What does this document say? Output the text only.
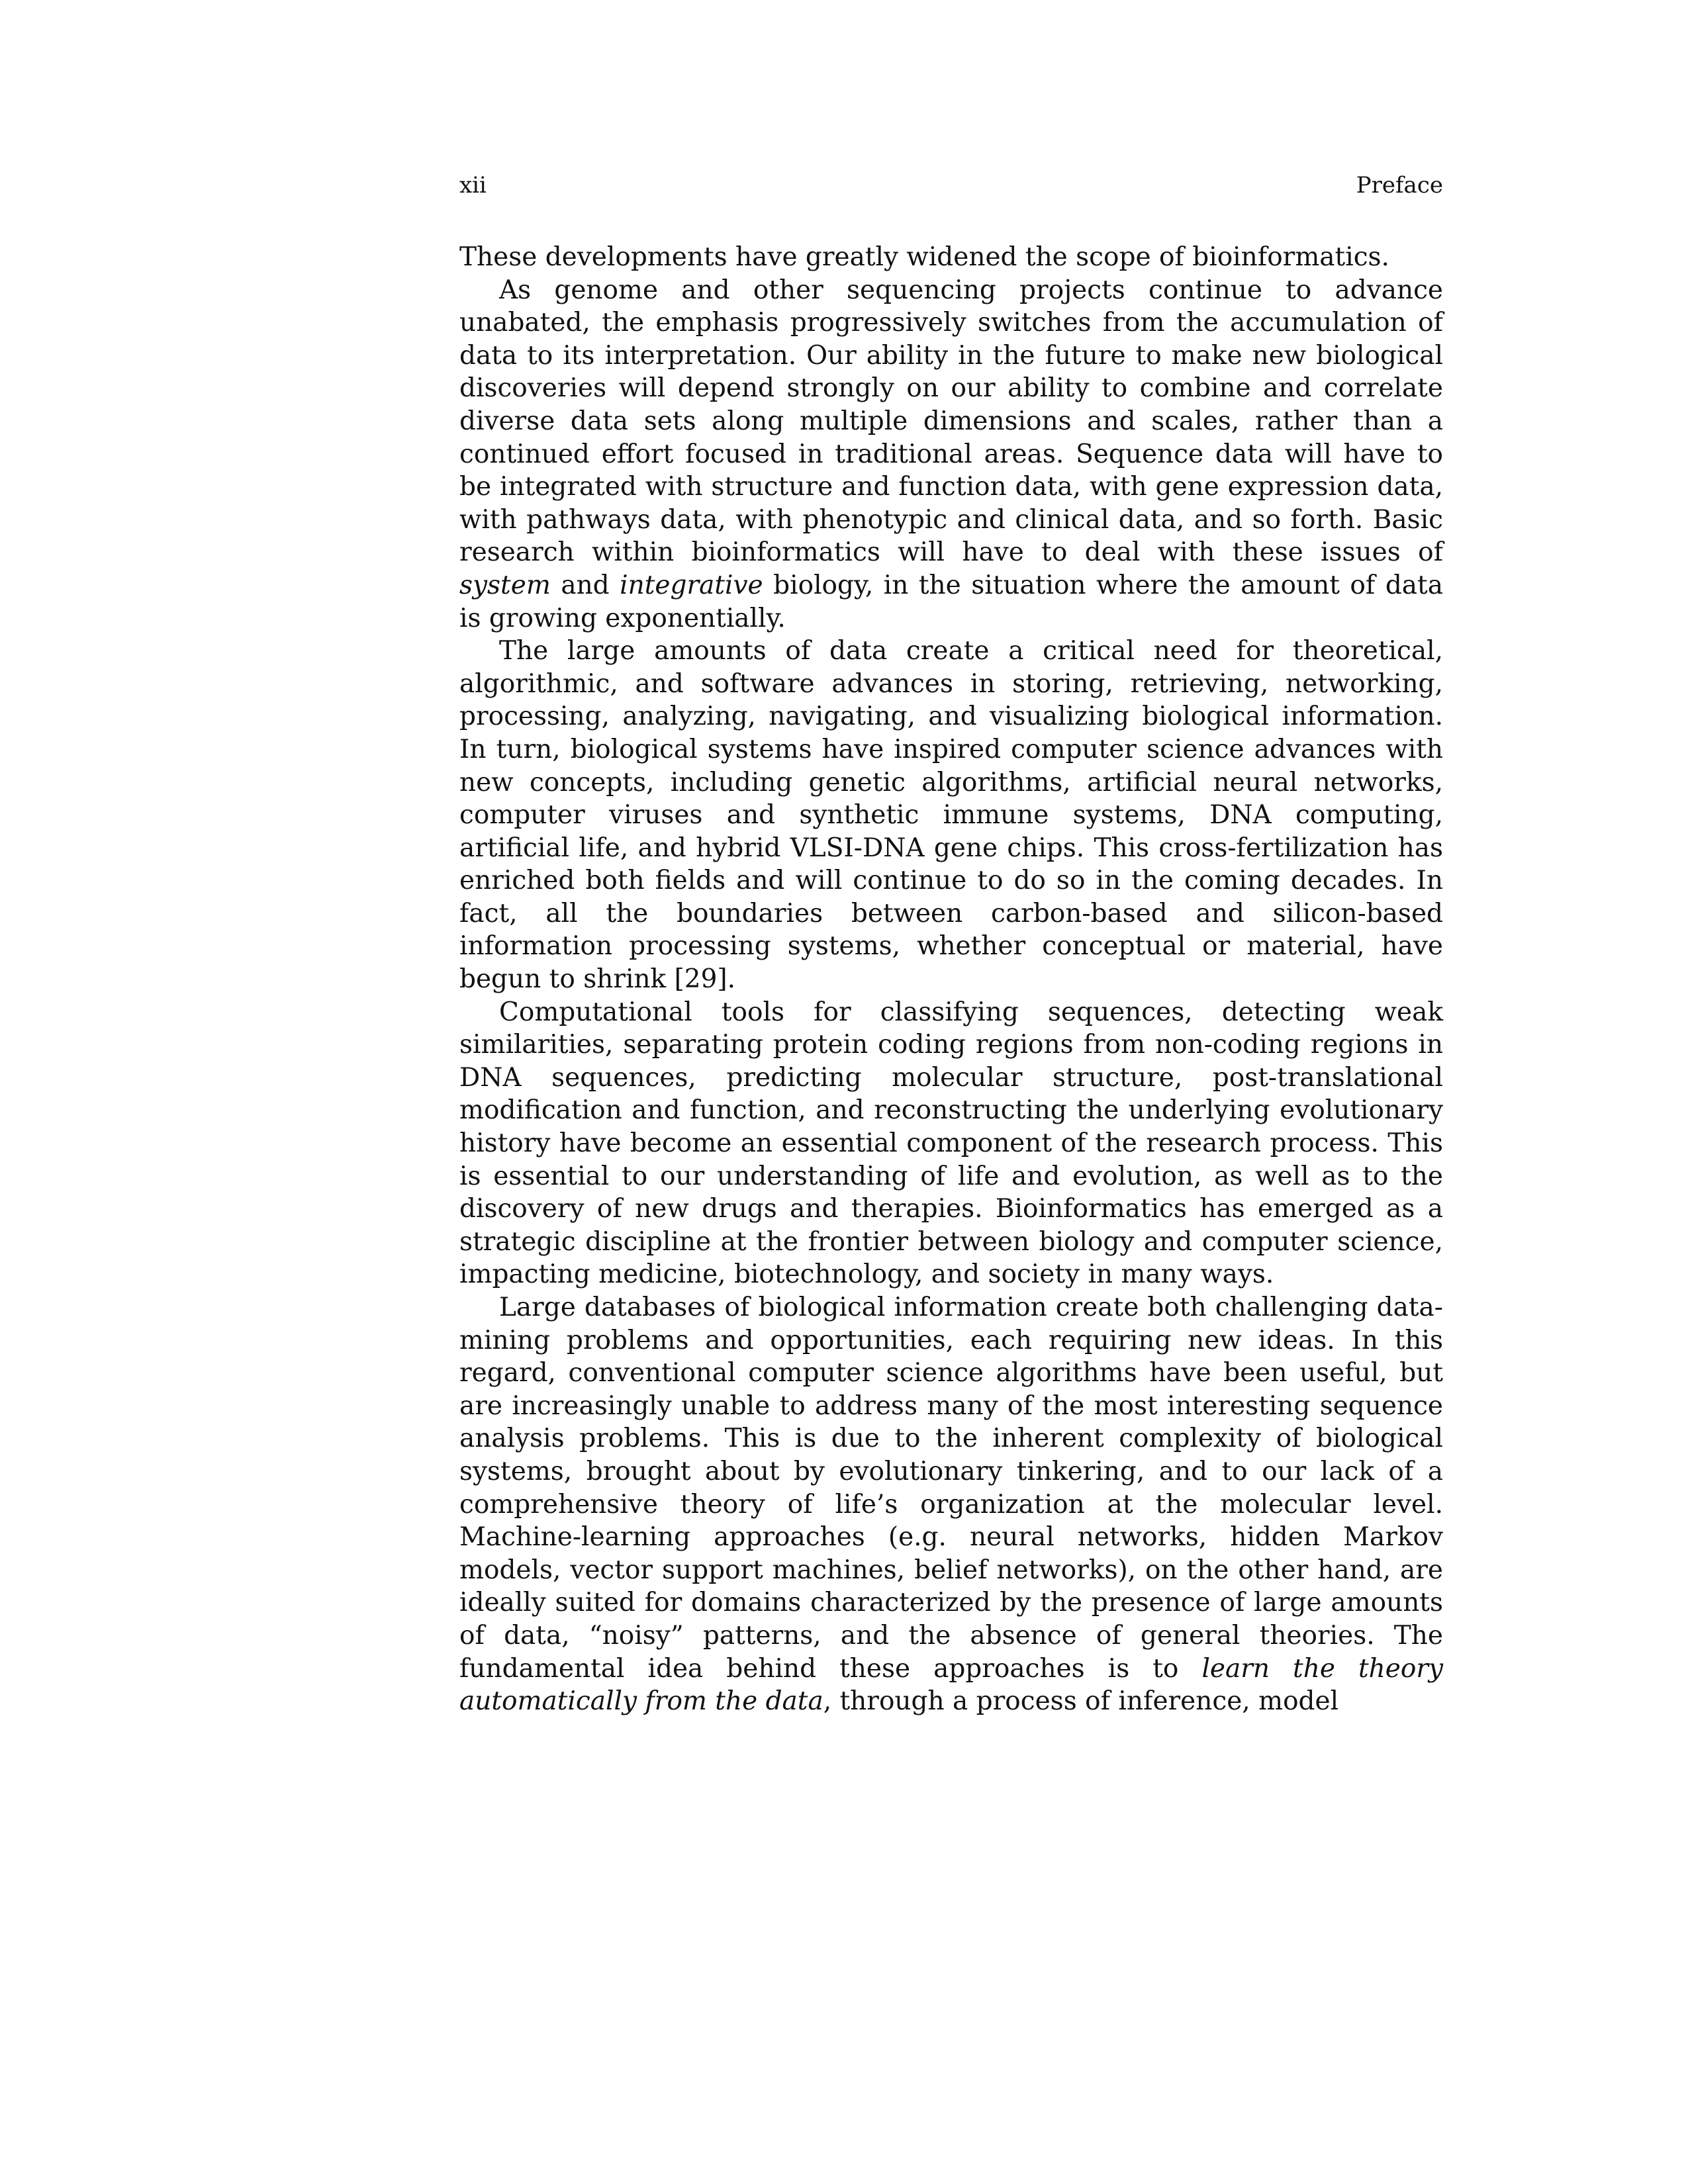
xii	Preface

These developments have greatly widened the scope of bioinformatics.

As genome and other sequencing projects continue to advance unabated, the emphasis progressively switches from the accumulation of data to its interpretation. Our ability in the future to make new biological discoveries will depend strongly on our ability to combine and correlate diverse data sets along multiple dimensions and scales, rather than a continued effort focused in traditional areas. Sequence data will have to be integrated with structure and function data, with gene expression data, with pathways data, with phenotypic and clinical data, and so forth. Basic research within bioinformatics will have to deal with these issues of system and integrative biology, in the situation where the amount of data is growing exponentially.

The large amounts of data create a critical need for theoretical, algorithmic, and software advances in storing, retrieving, networking, processing, analyzing, navigating, and visualizing biological information. In turn, biological systems have inspired computer science advances with new concepts, including genetic algorithms, artificial neural networks, computer viruses and synthetic immune systems, DNA computing, artificial life, and hybrid VLSI-DNA gene chips. This cross-fertilization has enriched both fields and will continue to do so in the coming decades. In fact, all the boundaries between carbon-based and silicon-based information processing systems, whether conceptual or material, have begun to shrink [29].

Computational tools for classifying sequences, detecting weak similarities, separating protein coding regions from non-coding regions in DNA sequences, predicting molecular structure, post-translational modification and function, and reconstructing the underlying evolutionary history have become an essential component of the research process. This is essential to our understanding of life and evolution, as well as to the discovery of new drugs and therapies. Bioinformatics has emerged as a strategic discipline at the frontier between biology and computer science, impacting medicine, biotechnology, and society in many ways.

Large databases of biological information create both challenging data-mining problems and opportunities, each requiring new ideas. In this regard, conventional computer science algorithms have been useful, but are increasingly unable to address many of the most interesting sequence analysis problems. This is due to the inherent complexity of biological systems, brought about by evolutionary tinkering, and to our lack of a comprehensive theory of life’s organization at the molecular level. Machine-learning approaches (e.g. neural networks, hidden Markov models, vector support machines, belief networks), on the other hand, are ideally suited for domains characterized by the presence of large amounts of data, “noisy” patterns, and the absence of general theories. The fundamental idea behind these approaches is to learn the theory automatically from the data, through a process of inference, model
